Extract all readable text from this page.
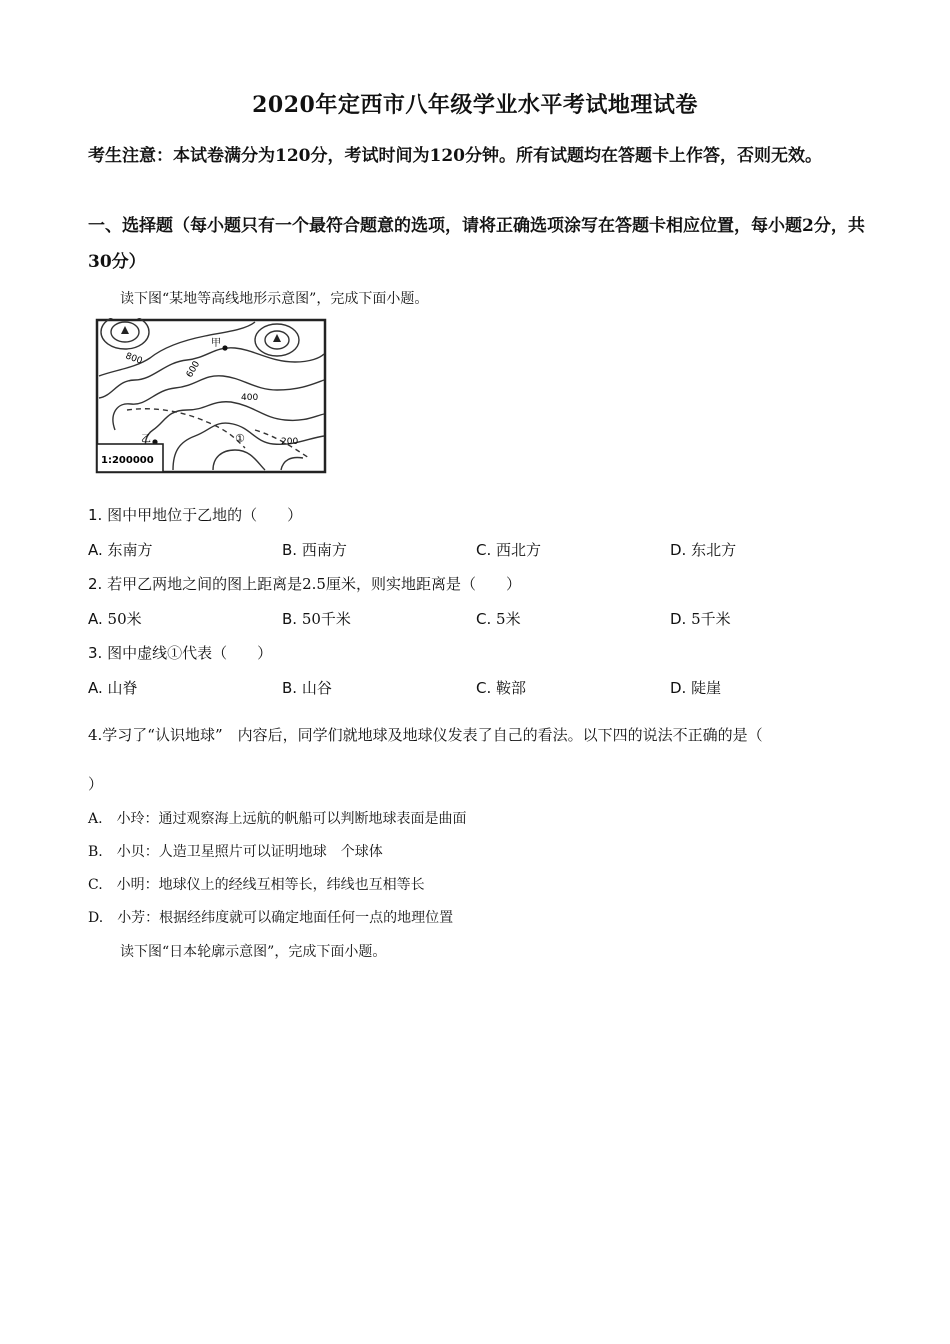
2020年定西市八年级学业水平考试地理试卷
考生注意：本试卷满分为120分，考试时间为120分钟。所有试题均在答题卡上作答，否则无效。
一、选择题（每小题只有一个最符合题意的选项，请将正确选项涂写在答题卡相应位置，每小题2分，共30分）
读下图“某地等高线地形示意图”，完成下面小题。
甲
乙	①
800
600
400
200
1:200000
1. 图中甲地位于乙地的（　　）
A. 东南方	B. 西南方	C. 西北方	D. 东北方
2. 若甲乙两地之间的图上距离是2.5厘米，则实地距离是（　　）
A. 50米	B. 50千米	C. 5米	D. 5千米
3. 图中虚线①代表（　　）
A. 山脊	B. 山谷	C. 鞍部	D. 陡崖
4.学习了“认识地球”　内容后，同学们就地球及地球仪发表了自己的看法。以下四的说法不正确的是（
）
A.　 小玲：通过观察海上远航的帆船可以判断地球表面是曲面
B.　 小贝：人造卫星照片可以证明地球　个球体
C.　 小明：地球仪上的经线互相等长，纬线也互相等长
D.　 小芳：根据经纬度就可以确定地面任何一点的地理位置
读下图“日本轮廓示意图”，完成下面小题。
